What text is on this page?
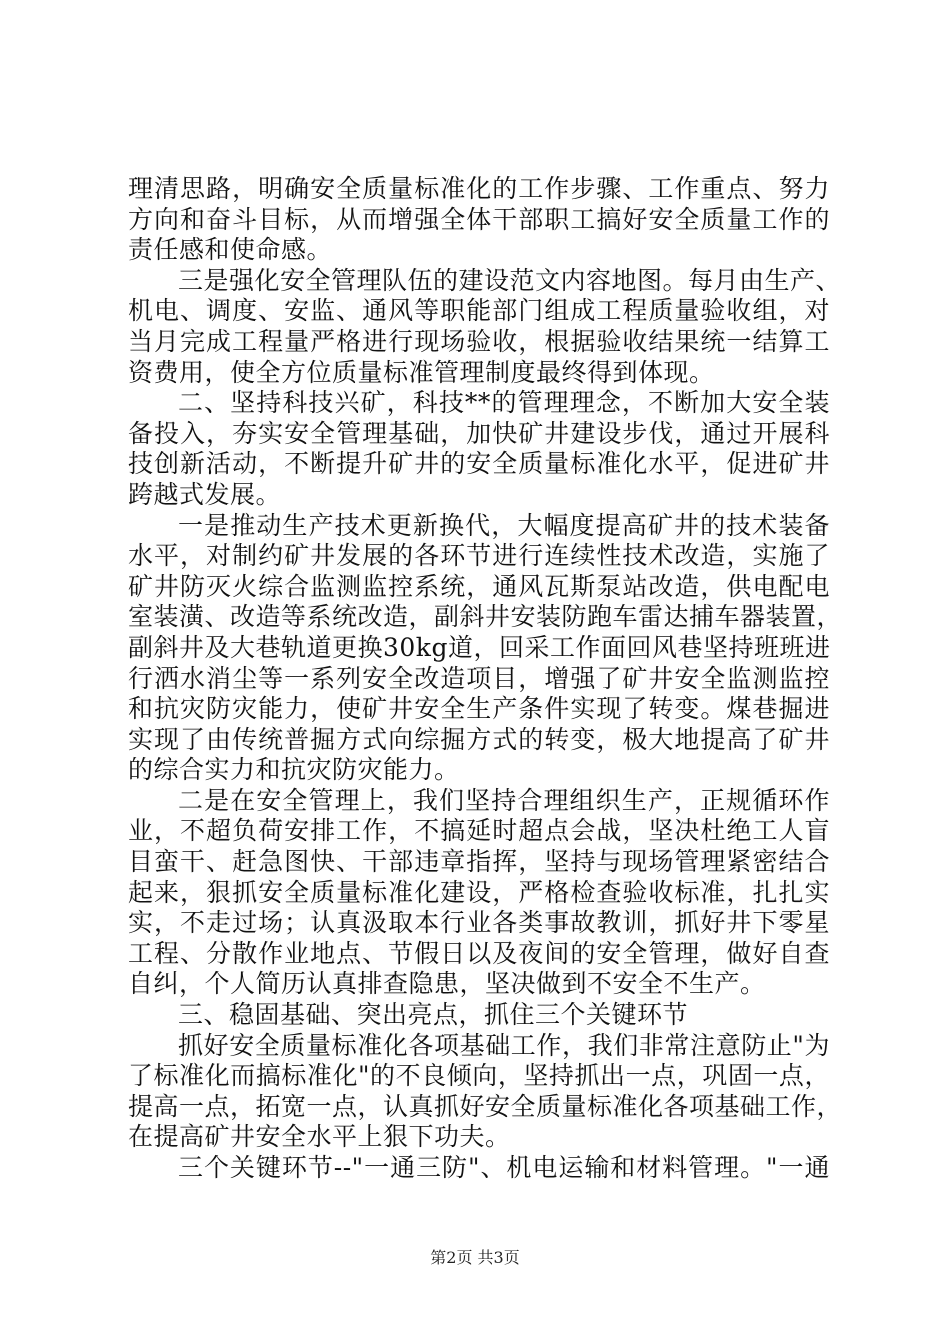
理清思路，明确安全质量标准化的工作步骤、工作重点、努力
方向和奋斗目标，从而增强全体干部职工搞好安全质量工作的
责任感和使命感。
三是强化安全管理队伍的建设范文内容地图。每月由生产、
机电、调度、安监、通风等职能部门组成工程质量验收组，对
当月完成工程量严格进行现场验收，根据验收结果统一结算工
资费用，使全方位质量标准管理制度最终得到体现。
二、坚持科技兴矿，科技**的管理理念，不断加大安全装
备投入，夯实安全管理基础，加快矿井建设步伐，通过开展科
技创新活动，不断提升矿井的安全质量标准化水平，促进矿井
跨越式发展。
一是推动生产技术更新换代，大幅度提高矿井的技术装备
水平，对制约矿井发展的各环节进行连续性技术改造，实施了
矿井防灭火综合监测监控系统，通风瓦斯泵站改造，供电配电
室装潢、改造等系统改造，副斜井安装防跑车雷达捕车器装置，
副斜井及大巷轨道更换30kg道，回采工作面回风巷坚持班班进
行洒水消尘等一系列安全改造项目，增强了矿井安全监测监控
和抗灾防灾能力，使矿井安全生产条件实现了转变。煤巷掘进
实现了由传统普掘方式向综掘方式的转变，极大地提高了矿井
的综合实力和抗灾防灾能力。
二是在安全管理上，我们坚持合理组织生产，正规循环作
业，不超负荷安排工作，不搞延时超点会战，坚决杜绝工人盲
目蛮干、赶急图快、干部违章指挥，坚持与现场管理紧密结合
起来，狠抓安全质量标准化建设，严格检查验收标准，扎扎实
实，不走过场；认真汲取本行业各类事故教训，抓好井下零星
工程、分散作业地点、节假日以及夜间的安全管理，做好自查
自纠，个人简历认真排查隐患，坚决做到不安全不生产。
三、稳固基础、突出亮点，抓住三个关键环节
抓好安全质量标准化各项基础工作，我们非常注意防止"为
了标准化而搞标准化"的不良倾向，坚持抓出一点，巩固一点，
提高一点，拓宽一点，认真抓好安全质量标准化各项基础工作，
在提高矿井安全水平上狠下功夫。
三个关键环节--"一通三防"、机电运输和材料管理。"一通
第2页 共3页
